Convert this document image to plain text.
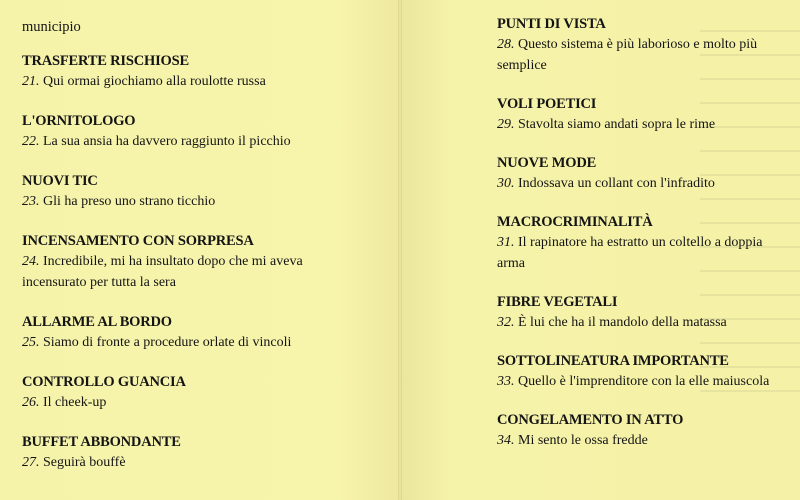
municipio

TRASFERTE RISCHIOSE

21. Qui ormai giochiamo alla roulotte russa

L'ORNITOLOGO

22. La sua ansia ha davvero raggiunto il picchio

NUOVI TIC

23. Gli ha preso uno strano ticchio

INCENSAMENTO CON SORPRESA

24. Incredibile, mi ha insultato dopo che mi aveva incensurato per tutta la sera

ALLARME AL BORDO

25. Siamo di fronte a procedure orlate di vincoli

CONTROLLO GUANCIA

26. Il cheek-up

BUFFET ABBONDANTE

27. Seguirà bouffè

PUNTI DI VISTA

28. Questo sistema è più laborioso e molto più semplice

VOLI POETICI

29. Stavolta siamo andati sopra le rime

NUOVE MODE

30. Indossava un collant con l'infradito

MACROCRIMINALITÀ

31. Il rapinatore ha estratto un coltello a doppia arma

FIBRE VEGETALI

32. È lui che ha il mandolo della matassa

SOTTOLINEATURA IMPORTANTE

33. Quello è l'imprenditore con la elle maiuscola

CONGELAMENTO IN ATTO

34. Mi sento le ossa fredde
